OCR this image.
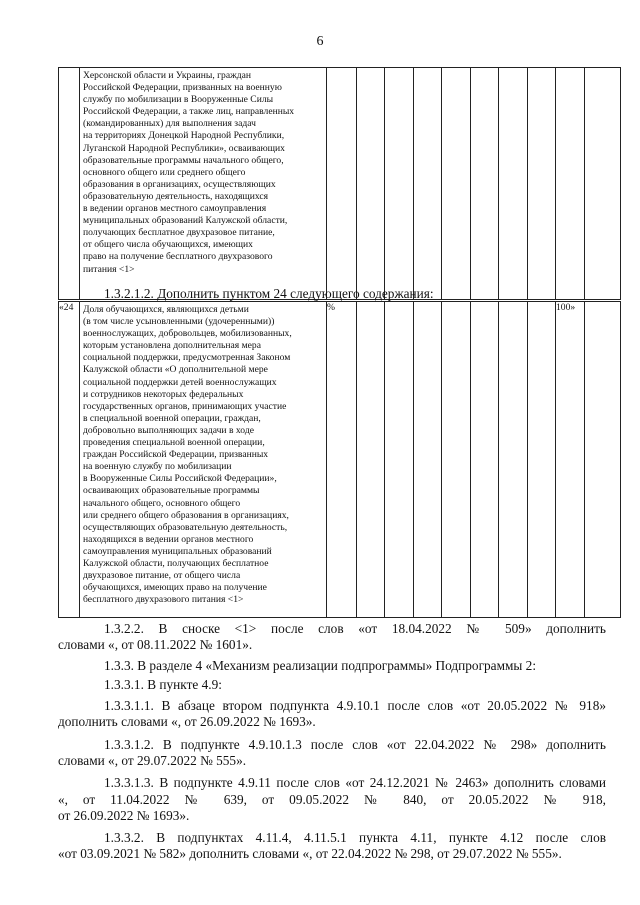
6

Херсонской области и Украины, граждан
Российской Федерации, призванных на военную
службу по мобилизации в Вооруженные Силы
Российской Федерации, а также лиц, направленных
(командированных) для выполнения задач
на территориях Донецкой Народной Республики,
Луганской Народной Республики», осваивающих
образовательные программы начального общего,
основного общего или среднего общего
образования в организациях, осуществляющих
образовательную деятельность, находящихся
в ведении органов местного самоуправления
муниципальных образований Калужской области,
получающих бесплатное двухразовое питание,
от общего числа обучающихся, имеющих
право на получение бесплатного двухразового
питания <1>

1.3.2.1.2. Дополнить пунктом 24 следующего содержания:
«24	Доля обучающихся, являющихся детьми
(в том числе усыновленными (удочеренными))
военнослужащих, добровольцев, мобилизованных,
которым установлена дополнительная мера
социальной поддержки, предусмотренная Законом
Калужской области «О дополнительной мере
социальной поддержки детей военнослужащих
и сотрудников некоторых федеральных
государственных органов, принимающих участие
в специальной военной операции, граждан,
добровольно выполняющих задачи в ходе
проведения специальной военной операции,
граждан Российской Федерации, призванных
на военную службу по мобилизации
в Вооруженные Силы Российской Федерации»,
осваивающих образовательные программы
начального общего, основного общего
или среднего общего образования в организациях,
осуществляющих образовательную деятельность,
находящихся в ведении органов местного
самоуправления муниципальных образований
Калужской области, получающих бесплатное
двухразовое питание, от общего числа
обучающихся, имеющих право на получение
бесплатного двухразового питания <1>
	%								100»	
1.3.2.2. В сноске <1> после слов «от 18.04.2022 № 509» дополнить
словами «, от 08.11.2022 № 1601».
1.3.3. В разделе 4 «Механизм реализации подпрограммы» Подпрограммы 2:
1.3.3.1. В пункте 4.9:
1.3.3.1.1. В абзаце втором подпункта 4.9.10.1 после слов «от 20.05.2022 № 918»
дополнить словами «, от 26.09.2022 № 1693».
1.3.3.1.2. В подпункте 4.9.10.1.3 после слов «от 22.04.2022 № 298» дополнить
словами «, от 29.07.2022 № 555».
1.3.3.1.3. В подпункте 4.9.11 после слов «от 24.12.2021 № 2463» дополнить словами
«, от 11.04.2022 № 639, от 09.05.2022 № 840, от 20.05.2022 № 918,
от 26.09.2022 № 1693».
1.3.3.2. В подпунктах 4.11.4, 4.11.5.1 пункта 4.11, пункте 4.12 после слов
«от 03.09.2021 № 582» дополнить словами «, от 22.04.2022 № 298, от 29.07.2022 № 555».
